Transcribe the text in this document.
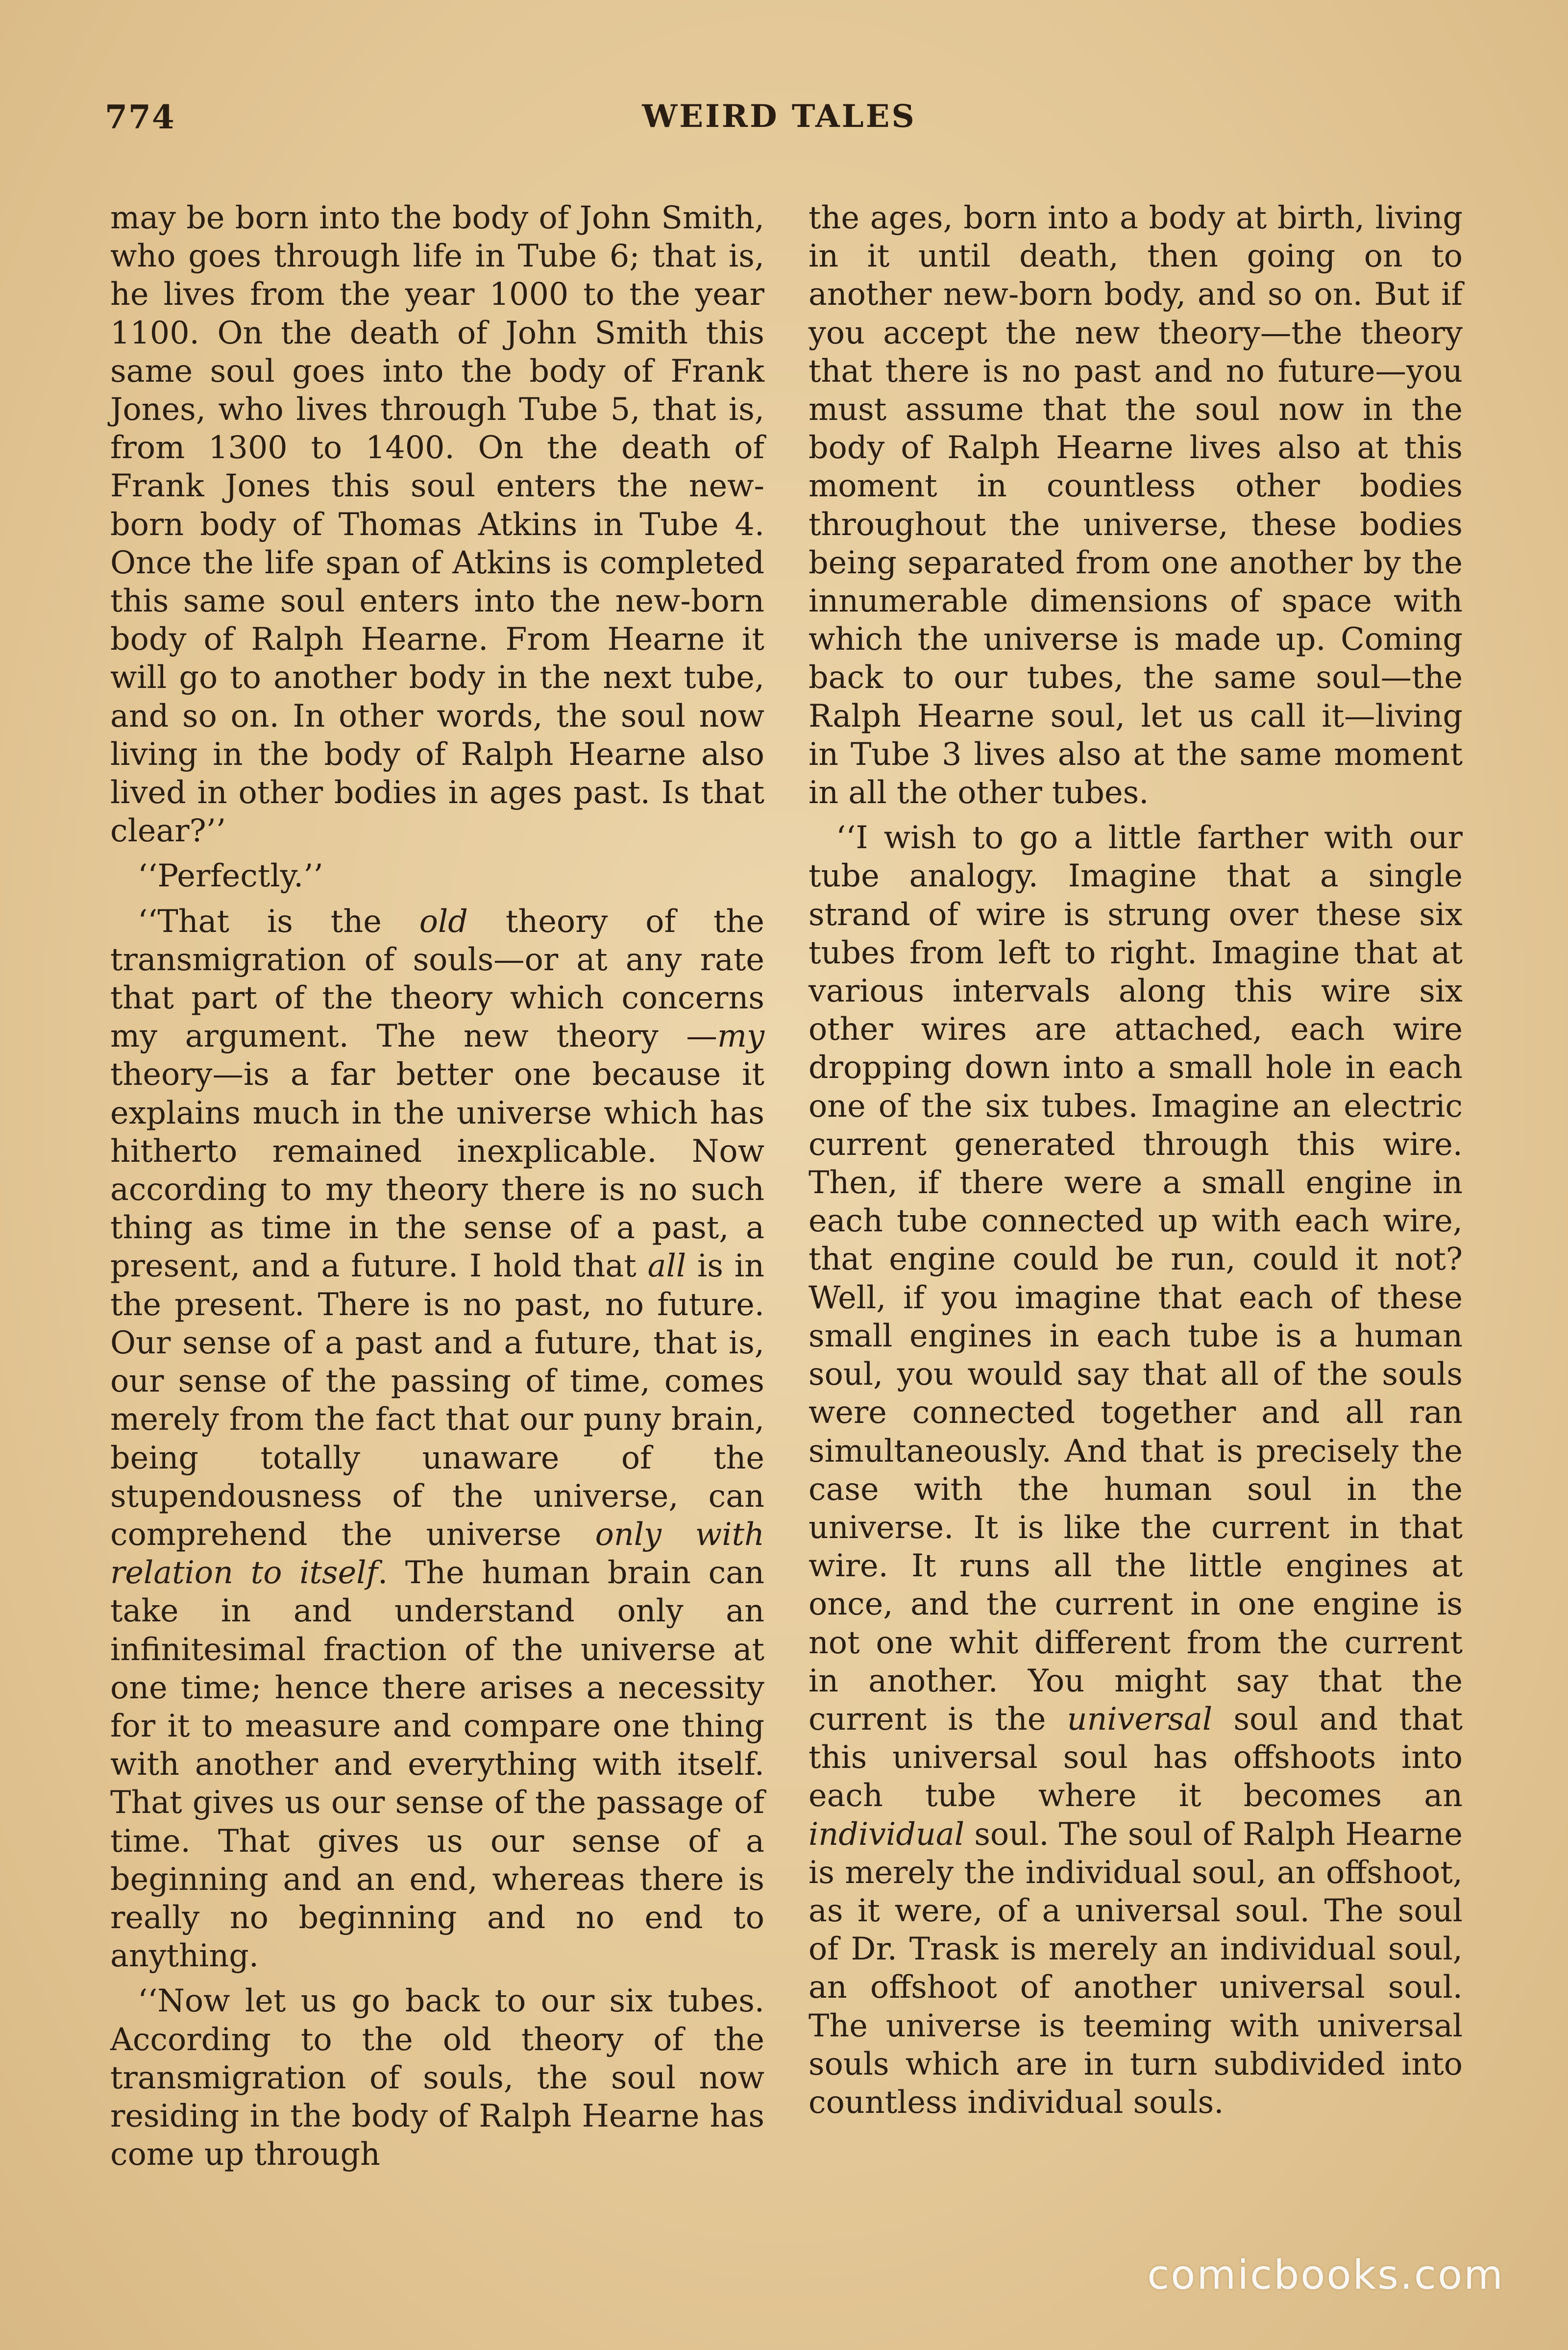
774	WEIRD TALES

may be born into the body of John Smith, who goes through life in Tube 6; that is, he lives from the year 1000 to the year 1100. On the death of John Smith this same soul goes into the body of Frank Jones, who lives through Tube 5, that is, from 1300 to 1400. On the death of Frank Jones this soul enters the new-born body of Thomas Atkins in Tube 4. Once the life span of Atkins is completed this same soul enters into the new-born body of Ralph Hearne. From Hearne it will go to another body in the next tube, and so on. In other words, the soul now living in the body of Ralph Hearne also lived in other bodies in ages past. Is that clear?’’

‘‘Perfectly.’’

‘‘That is the old theory of the transmigration of souls—or at any rate that part of the theory which concerns my argument. The new theory —my theory—is a far better one because it explains much in the universe which has hitherto remained inexplicable. Now according to my theory there is no such thing as time in the sense of a past, a present, and a future. I hold that all is in the present. There is no past, no future. Our sense of a past and a future, that is, our sense of the passing of time, comes merely from the fact that our puny brain, being totally unaware of the stupendousness of the universe, can comprehend the universe only with relation to itself. The human brain can take in and understand only an infinitesimal fraction of the universe at one time; hence there arises a necessity for it to measure and compare one thing with another and everything with itself. That gives us our sense of the passage of time. That gives us our sense of a beginning and an end, whereas there is really no beginning and no end to anything.

‘‘Now let us go back to our six tubes. According to the old theory of the transmigration of souls, the soul now residing in the body of Ralph Hearne has come up through

the ages, born into a body at birth, living in it until death, then going on to another new-born body, and so on. But if you accept the new theory—the theory that there is no past and no future—you must assume that the soul now in the body of Ralph Hearne lives also at this moment in countless other bodies throughout the universe, these bodies being separated from one another by the innumerable dimensions of space with which the universe is made up. Coming back to our tubes, the same soul—the Ralph Hearne soul, let us call it—living in Tube 3 lives also at the same moment in all the other tubes.

‘‘I wish to go a little farther with our tube analogy. Imagine that a single strand of wire is strung over these six tubes from left to right. Imagine that at various intervals along this wire six other wires are attached, each wire dropping down into a small hole in each one of the six tubes. Imagine an electric current generated through this wire. Then, if there were a small engine in each tube connected up with each wire, that engine could be run, could it not? Well, if you imagine that each of these small engines in each tube is a human soul, you would say that all of the souls were connected together and all ran simultaneously. And that is precisely the case with the human soul in the universe. It is like the current in that wire. It runs all the little engines at once, and the current in one engine is not one whit different from the current in another. You might say that the current is the universal soul and that this universal soul has offshoots into each tube where it becomes an individual soul. The soul of Ralph Hearne is merely the individual soul, an offshoot, as it were, of a universal soul. The soul of Dr. Trask is merely an individual soul, an offshoot of another universal soul. The universe is teeming with universal souls which are in turn subdivided into countless individual souls.

comicbooks.com
